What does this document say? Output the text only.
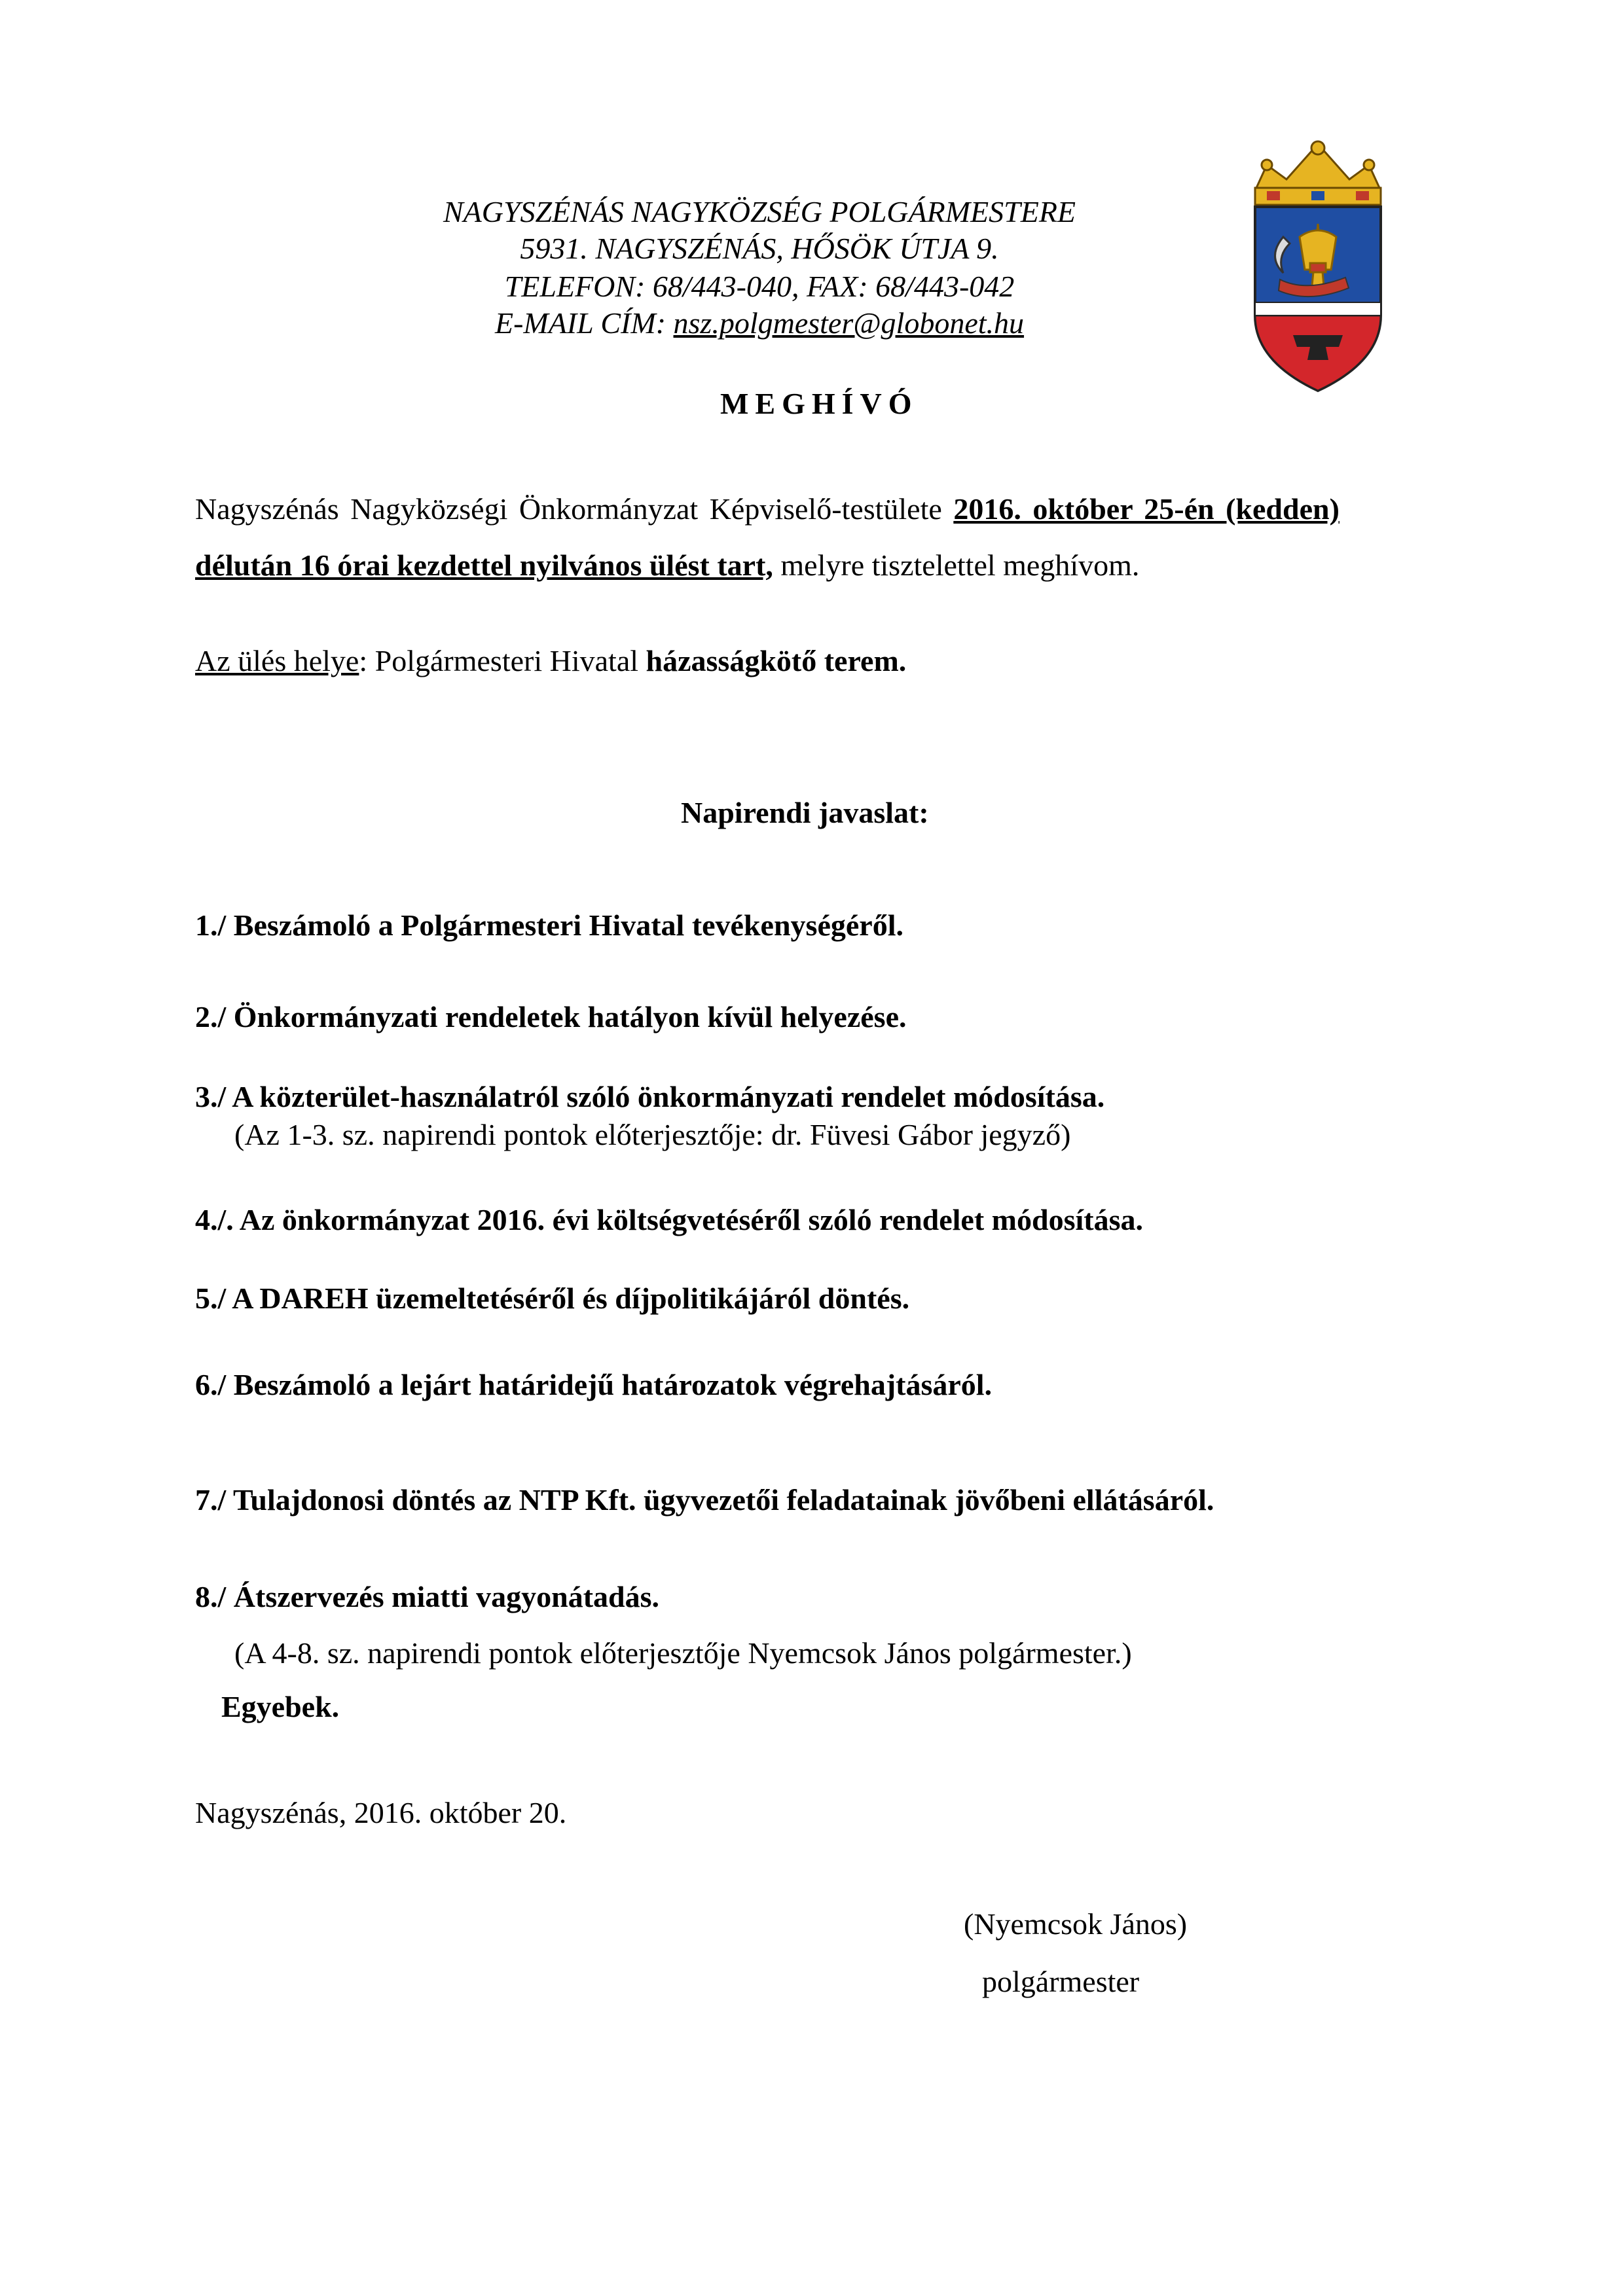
NAGYSZÉNÁS NAGYKÖZSÉG POLGÁRMESTERE
5931. NAGYSZÉNÁS, HŐSÖK ÚTJA 9.
TELEFON: 68/443-040, FAX: 68/443-042
E-MAIL CÍM: nsz.polgmester@globonet.hu
MEGHÍVÓ
Nagyszénás Nagyközségi Önkormányzat Képviselő-testülete 2016. október 25-én (kedden)
délután 16 órai kezdettel nyilvános ülést tart, melyre tisztelettel meghívom.
Az ülés helye: Polgármesteri Hivatal házasságkötő terem.
Napirendi javaslat:
1./ Beszámoló a Polgármesteri Hivatal tevékenységéről.
2./ Önkormányzati rendeletek hatályon kívül helyezése.
3./ A közterület-használatról szóló önkormányzati rendelet módosítása.
(Az 1-3. sz. napirendi pontok előterjesztője: dr. Füvesi Gábor jegyző)
4./. Az önkormányzat 2016. évi költségvetéséről szóló rendelet módosítása.
5./ A DAREH üzemeltetéséről és díjpolitikájáról döntés.
6./ Beszámoló a lejárt határidejű határozatok végrehajtásáról.
7./ Tulajdonosi döntés az NTP Kft. ügyvezetői feladatainak jövőbeni ellátásáról.
8./ Átszervezés miatti vagyonátadás.
(A 4-8. sz. napirendi pontok előterjesztője Nyemcsok János polgármester.)
Egyebek.
Nagyszénás, 2016. október 20.
(Nyemcsok János)
polgármester
